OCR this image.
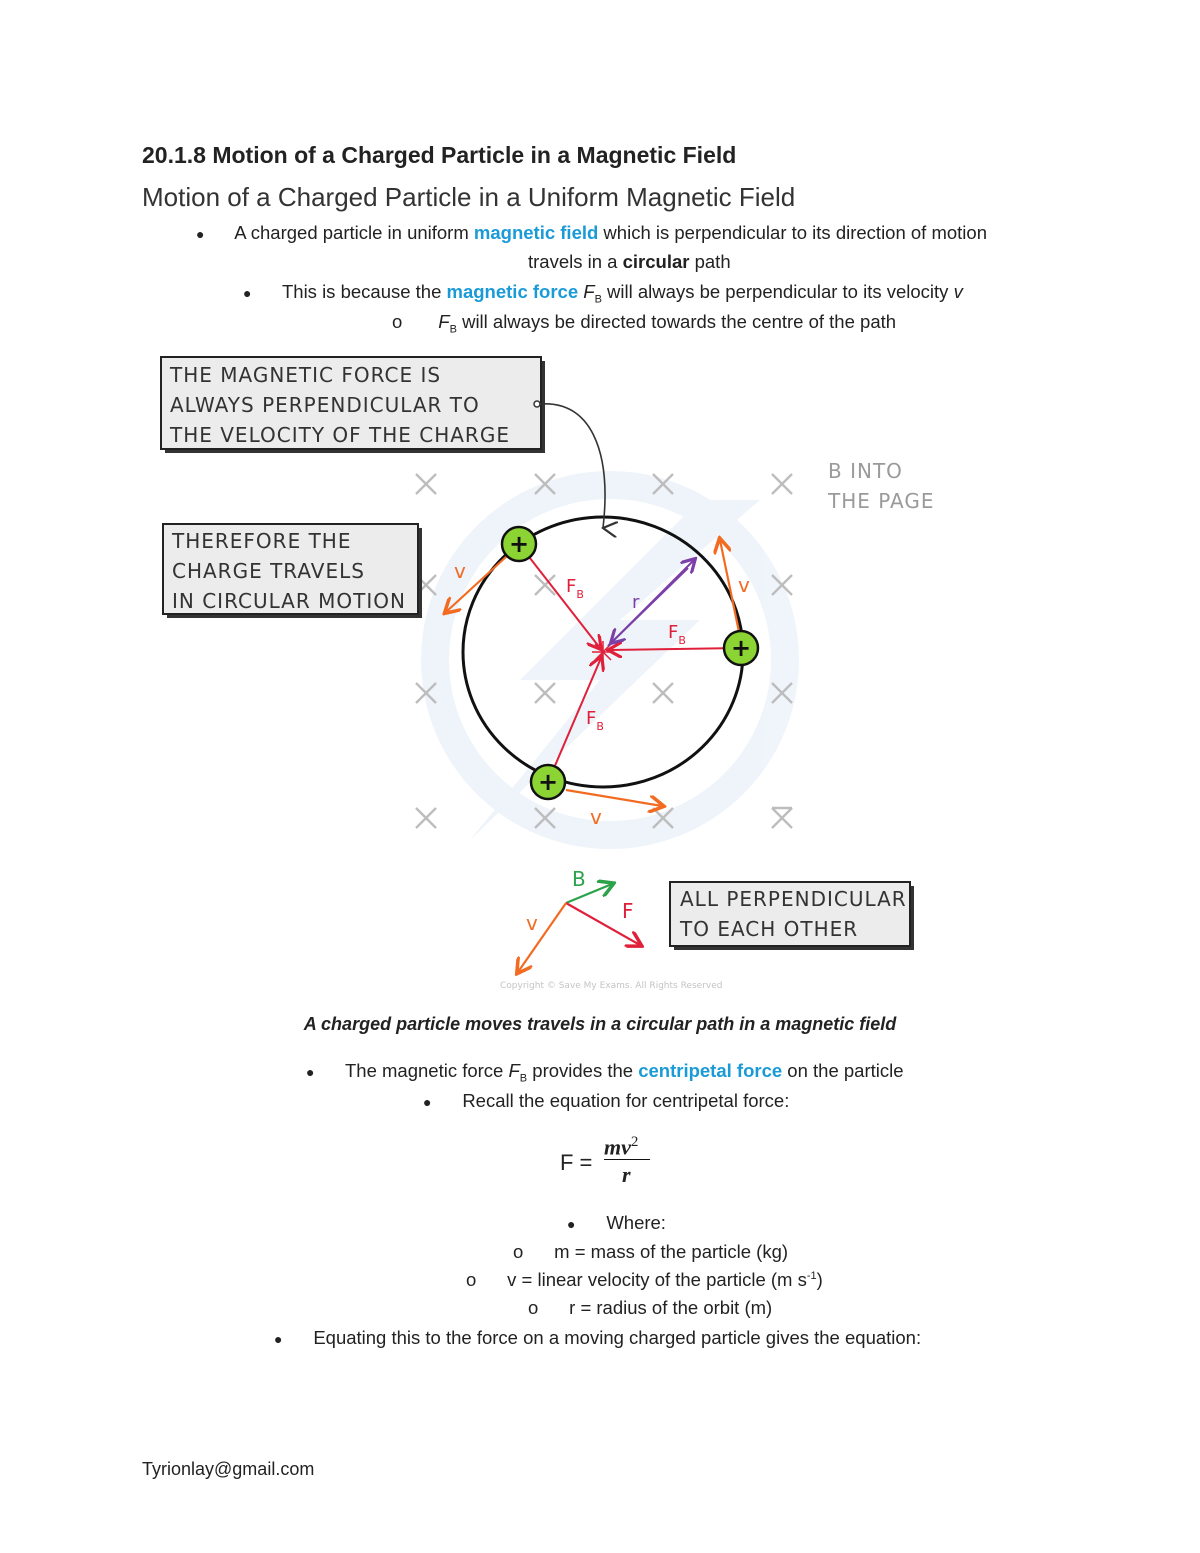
20.1.8 Motion of a Charged Particle in a Magnetic Field
Motion of a Charged Particle in a Uniform Magnetic Field
● A charged particle in uniform magnetic field which is perpendicular to its direction of motion
travels in a circular path
● This is because the magnetic force $F_B$ will always be perpendicular to its velocity v
o $F_B$ will always be directed towards the centre of the path
THE MAGNETIC FORCE IS
ALWAYS PERPENDICULAR TO
THE VELOCITY OF THE CHARGE
THEREFORE THE
CHARGE TRAVELS
IN CIRCULAR MOTION
B INTO
THE PAGE
v
v
v
$F_B$
$F_B$
$F_B$
r
+
+
+
B
F
v
ALL PERPENDICULAR
TO EACH OTHER
Copyright © Save My Exams. All Rights Reserved
A charged particle moves travels in a circular path in a magnetic field
● The magnetic force $F_B$ provides the centripetal force on the particle
● Recall the equation for centripetal force:
F =
$mv^2$
r
● Where:
o m = mass of the particle (kg)
o v = linear velocity of the particle (m $s^{-1}$)
o r = radius of the orbit (m)
● Equating this to the force on a moving charged particle gives the equation:
Tyrionlay@gmail.com
